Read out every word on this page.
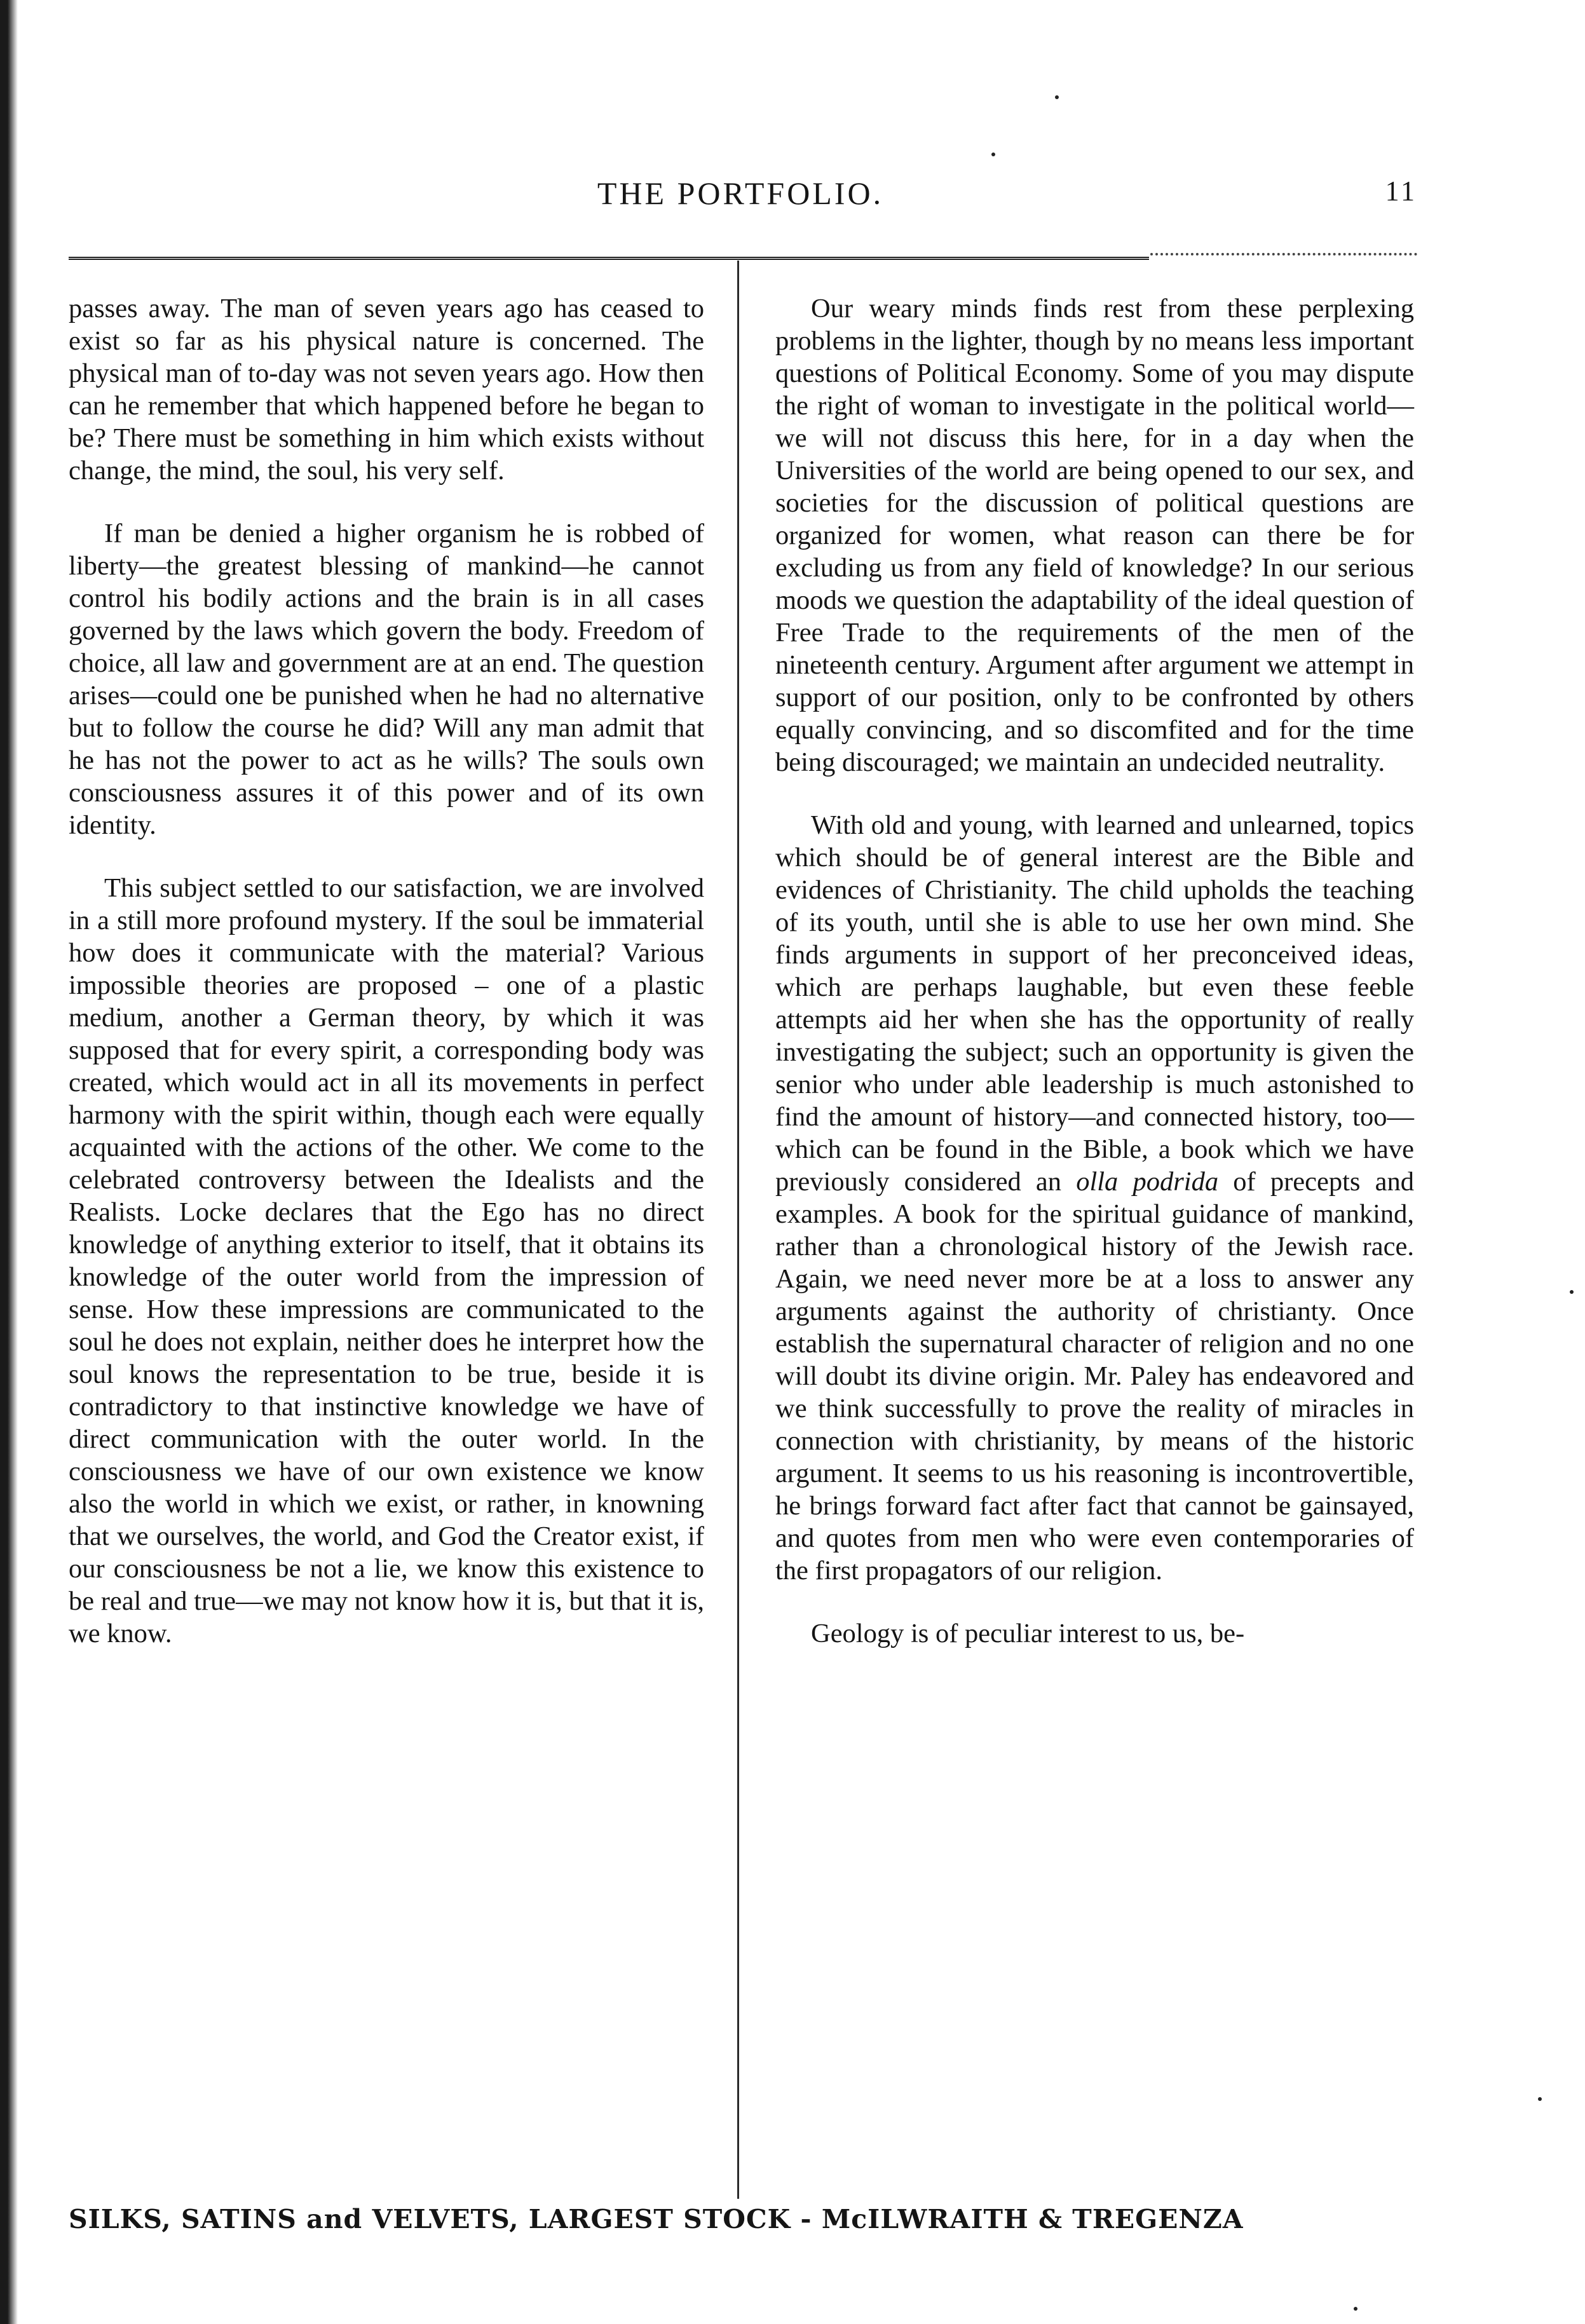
THE PORTFOLIO.	11

passes away. The man of seven years ago has ceased to exist so far as his physical nature is concerned. The physical man of to-day was not seven years ago. How then can he remember that which happened before he began to be? There must be something in him which exists without change, the mind, the soul, his very self.

If man be denied a higher organism he is robbed of liberty—the greatest blessing of mankind—he cannot control his bodily actions and the brain is in all cases governed by the laws which govern the body. Freedom of choice, all law and government are at an end. The question arises—could one be punished when he had no alternative but to follow the course he did? Will any man admit that he has not the power to act as he wills? The souls own consciousness assures it of this power and of its own identity.

This subject settled to our satisfaction, we are involved in a still more profound mystery. If the soul be immaterial how does it communicate with the material? Various impossible theories are proposed – one of a plastic medium, another a German theory, by which it was supposed that for every spirit, a corresponding body was created, which would act in all its movements in perfect harmony with the spirit within, though each were equally acquainted with the actions of the other. We come to the celebrated controversy between the Idealists and the Realists. Locke declares that the Ego has no direct knowledge of anything exterior to itself, that it obtains its knowledge of the outer world from the impression of sense. How these impressions are communicated to the soul he does not explain, neither does he interpret how the soul knows the representation to be true, beside it is contradictory to that instinctive knowledge we have of direct communication with the outer world. In the consciousness we have of our own existence we know also the world in which we exist, or rather, in knowning that we ourselves, the world, and God the Creator exist, if our consciousness be not a lie, we know this existence to be real and true—we may not know how it is, but that it is, we know.

Our weary minds finds rest from these perplexing problems in the lighter, though by no means less important questions of Political Economy. Some of you may dispute the right of woman to investigate in the political world—we will not discuss this here, for in a day when the Universities of the world are being opened to our sex, and societies for the discussion of political questions are organized for women, what reason can there be for excluding us from any field of knowledge? In our serious moods we question the adaptability of the ideal question of Free Trade to the requirements of the men of the nineteenth century. Argument after argument we attempt in support of our position, only to be confronted by others equally convincing, and so discomfited and for the time being discouraged; we maintain an undecided neutrality.

With old and young, with learned and unlearned, topics which should be of general interest are the Bible and evidences of Christianity. The child upholds the teaching of its youth, until she is able to use her own mind. She finds arguments in support of her preconceived ideas, which are perhaps laughable, but even these feeble attempts aid her when she has the opportunity of really investigating the subject; such an opportunity is given the senior who under able leadership is much astonished to find the amount of history—and connected history, too—which can be found in the Bible, a book which we have previously considered an olla podrida of precepts and examples. A book for the spiritual guidance of mankind, rather than a chronological history of the Jewish race. Again, we need never more be at a loss to answer any arguments against the authority of christianty. Once establish the supernatural character of religion and no one will doubt its divine origin. Mr. Paley has endeavored and we think successfully to prove the reality of miracles in connection with christianity, by means of the historic argument. It seems to us his reasoning is incontrovertible, he brings forward fact after fact that cannot be gainsayed, and quotes from men who were even contemporaries of the first propagators of our religion.

Geology is of peculiar interest to us, be-

SILKS, SATINS and VELVETS, LARGEST STOCK - McILWRAITH & TREGENZA
